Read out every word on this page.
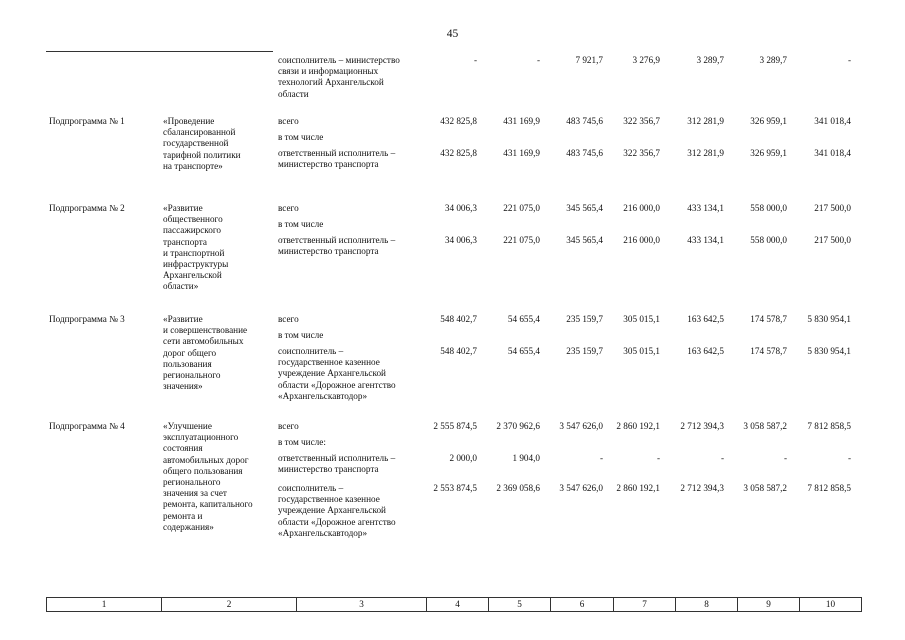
45
соисполнитель – министерство
связи и информационных
технологий Архангельской
области
-	-	7 921,7	3 276,9	3 289,7	3 289,7	-
Подпрограмма № 1	«Проведение
сбалансированной
государственной
тарифной политики
на транспорте»
всего	432 825,8	431 169,9	483 745,6	322 356,7	312 281,9	326 959,1	341 018,4
в том числе
ответственный исполнитель –
министерство транспорта
432 825,8	431 169,9	483 745,6	322 356,7	312 281,9	326 959,1	341 018,4
Подпрограмма № 2	«Развитие
общественного
пассажирского
транспорта
и транспортной
инфраструктуры
Архангельской
области»
всего	34 006,3	221 075,0	345 565,4	216 000,0	433 134,1	558 000,0	217 500,0
в том числе
ответственный исполнитель –
министерство транспорта
34 006,3	221 075,0	345 565,4	216 000,0	433 134,1	558 000,0	217 500,0
Подпрограмма № 3	«Развитие
и совершенствование
сети автомобильных
дорог общего
пользования
регионального
значения»
всего	548 402,7	54 655,4	235 159,7	305 015,1	163 642,5	174 578,7	5 830 954,1
в том числе
соисполнитель –
государственное казенное
учреждение Архангельской
области «Дорожное агентство
«Архангельскавтодор»
548 402,7	54 655,4	235 159,7	305 015,1	163 642,5	174 578,7	5 830 954,1
Подпрограмма № 4	«Улучшение
эксплуатационного
состояния
автомобильных дорог
общего пользования
регионального
значения за счет
ремонта, капитального
ремонта и
содержания»
всего	2 555 874,5	2 370 962,6	3 547 626,0	2 860 192,1	2 712 394,3	3 058 587,2	7 812 858,5
в том числе:
ответственный исполнитель –
министерство транспорта
2 000,0	1 904,0	-	-	-	-	-
соисполнитель –
государственное казенное
учреждение Архангельской
области «Дорожное агентство
«Архангельскавтодор»
2 553 874,5	2 369 058,6	3 547 626,0	2 860 192,1	2 712 394,3	3 058 587,2	7 812 858,5
1	2	3	4	5	6	7	8	9	10
